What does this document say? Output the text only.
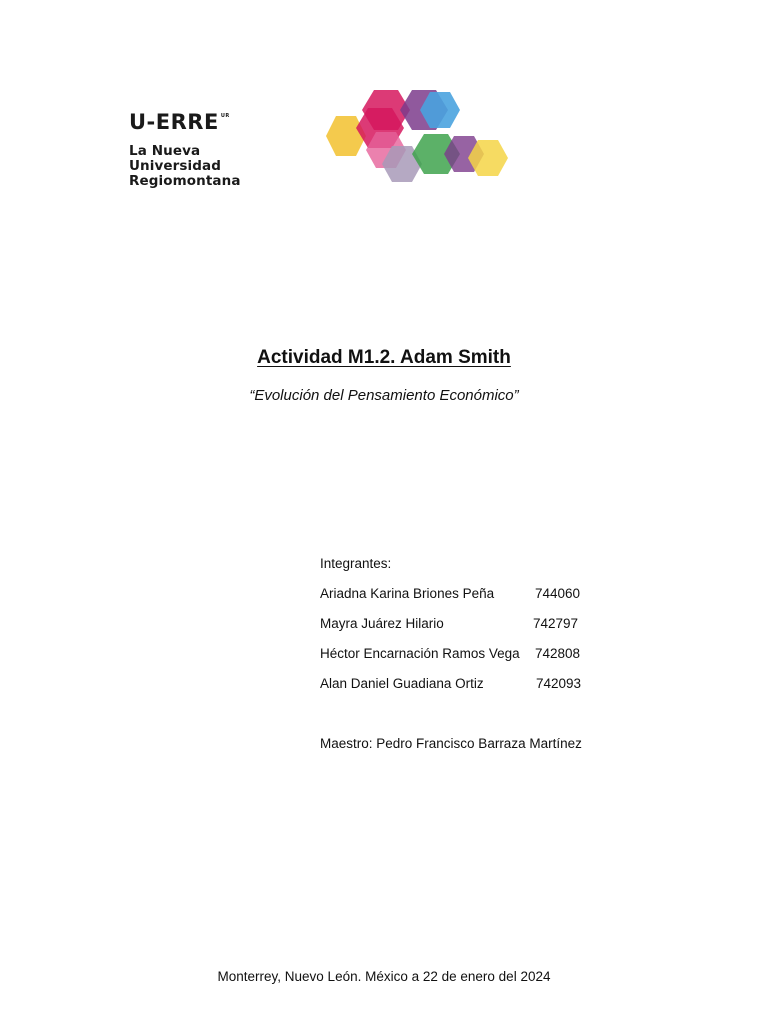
U-ERRE UR
La Nueva
Universidad
Regiomontana
Actividad M1.2. Adam Smith
“Evolución del Pensamiento Económico”
Integrantes:
Ariadna Karina Briones Peña	744060
Mayra Juárez Hilario	742797
Héctor Encarnación Ramos Vega 742808
Alan Daniel Guadiana Ortiz	742093
Maestro: Pedro Francisco Barraza Martínez
Monterrey, Nuevo León. México a 22 de enero del 2024
